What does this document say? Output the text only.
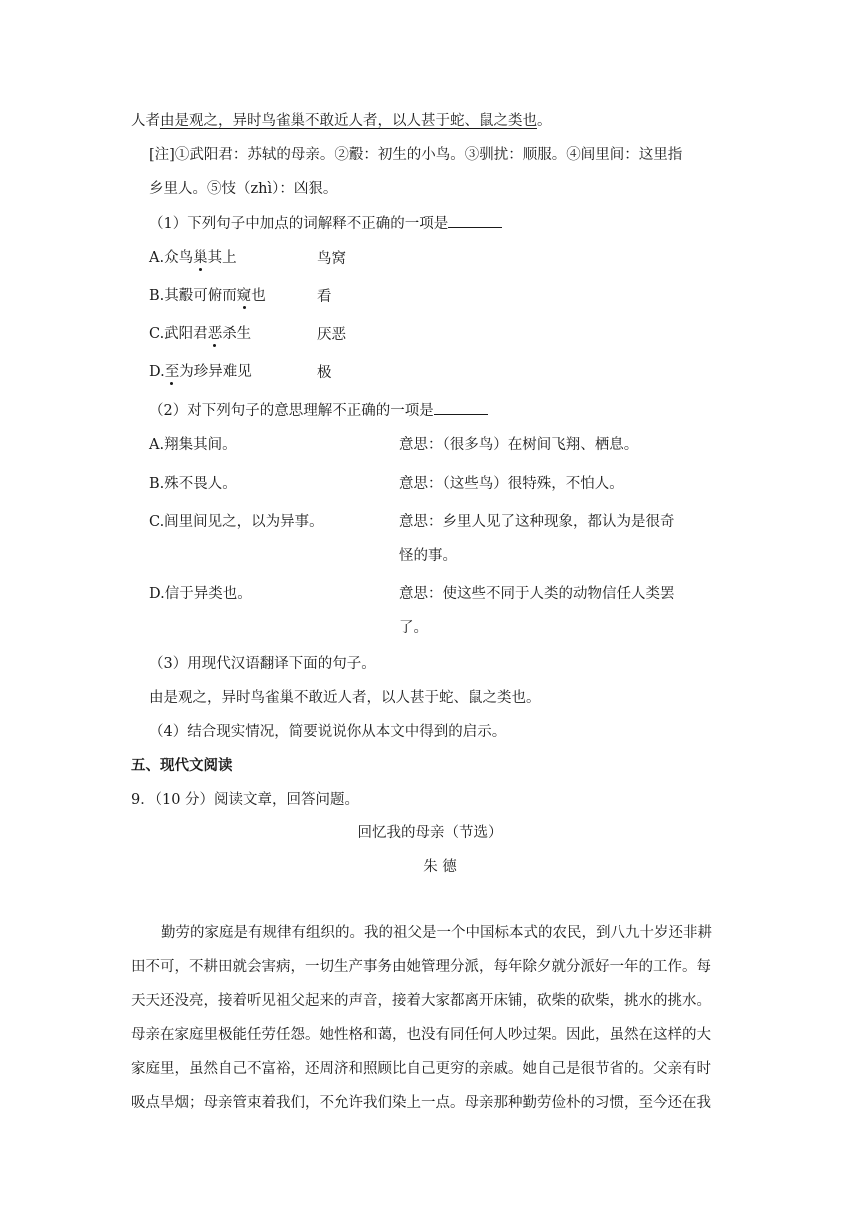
人者由是观之，异时鸟雀巢不敢近人者，以人甚于蛇、鼠之类也。
[注]①武阳君：苏轼的母亲。②鷇：初生的小鸟。③驯扰：顺服。④闾里间：这里指
乡里人。⑤忮（zhì）：凶狠。
（1）下列句子中加点的词解释不正确的一项是
A.众鸟巢其上	鸟窝
B.其鷇可俯而窥也	看
C.武阳君恶杀生	厌恶
D.至为珍异难见	极
（2）对下列句子的意思理解不正确的一项是
A.翔集其间。	意思：（很多鸟）在树间飞翔、栖息。
B.殊不畏人。	意思：（这些鸟）很特殊，不怕人。
C.闾里间见之，以为异事。	意思：乡里人见了这种现象，都认为是很奇
怪的事。
D.信于异类也。	意思：使这些不同于人类的动物信任人类罢
了。
（3）用现代汉语翻译下面的句子。
由是观之，异时鸟雀巢不敢近人者，以人甚于蛇、鼠之类也。
（4）结合现实情况，简要说说你从本文中得到的启示。
五、现代文阅读
9．（10 分）阅读文章，回答问题。
回忆我的母亲（节选）
朱 德
勤劳的家庭是有规律有组织的。我的祖父是一个中国标本式的农民，到八九十岁还非耕
田不可，不耕田就会害病，一切生产事务由她管理分派，每年除夕就分派好一年的工作。每
天天还没亮，接着听见祖父起来的声音，接着大家都离开床铺，砍柴的砍柴，挑水的挑水。
母亲在家庭里极能任劳任怨。她性格和蔼，也没有同任何人吵过架。因此，虽然在这样的大
家庭里，虽然自己不富裕，还周济和照顾比自己更穷的亲戚。她自己是很节省的。父亲有时
吸点旱烟；母亲管束着我们，不允许我们染上一点。母亲那种勤劳俭朴的习惯，至今还在我
